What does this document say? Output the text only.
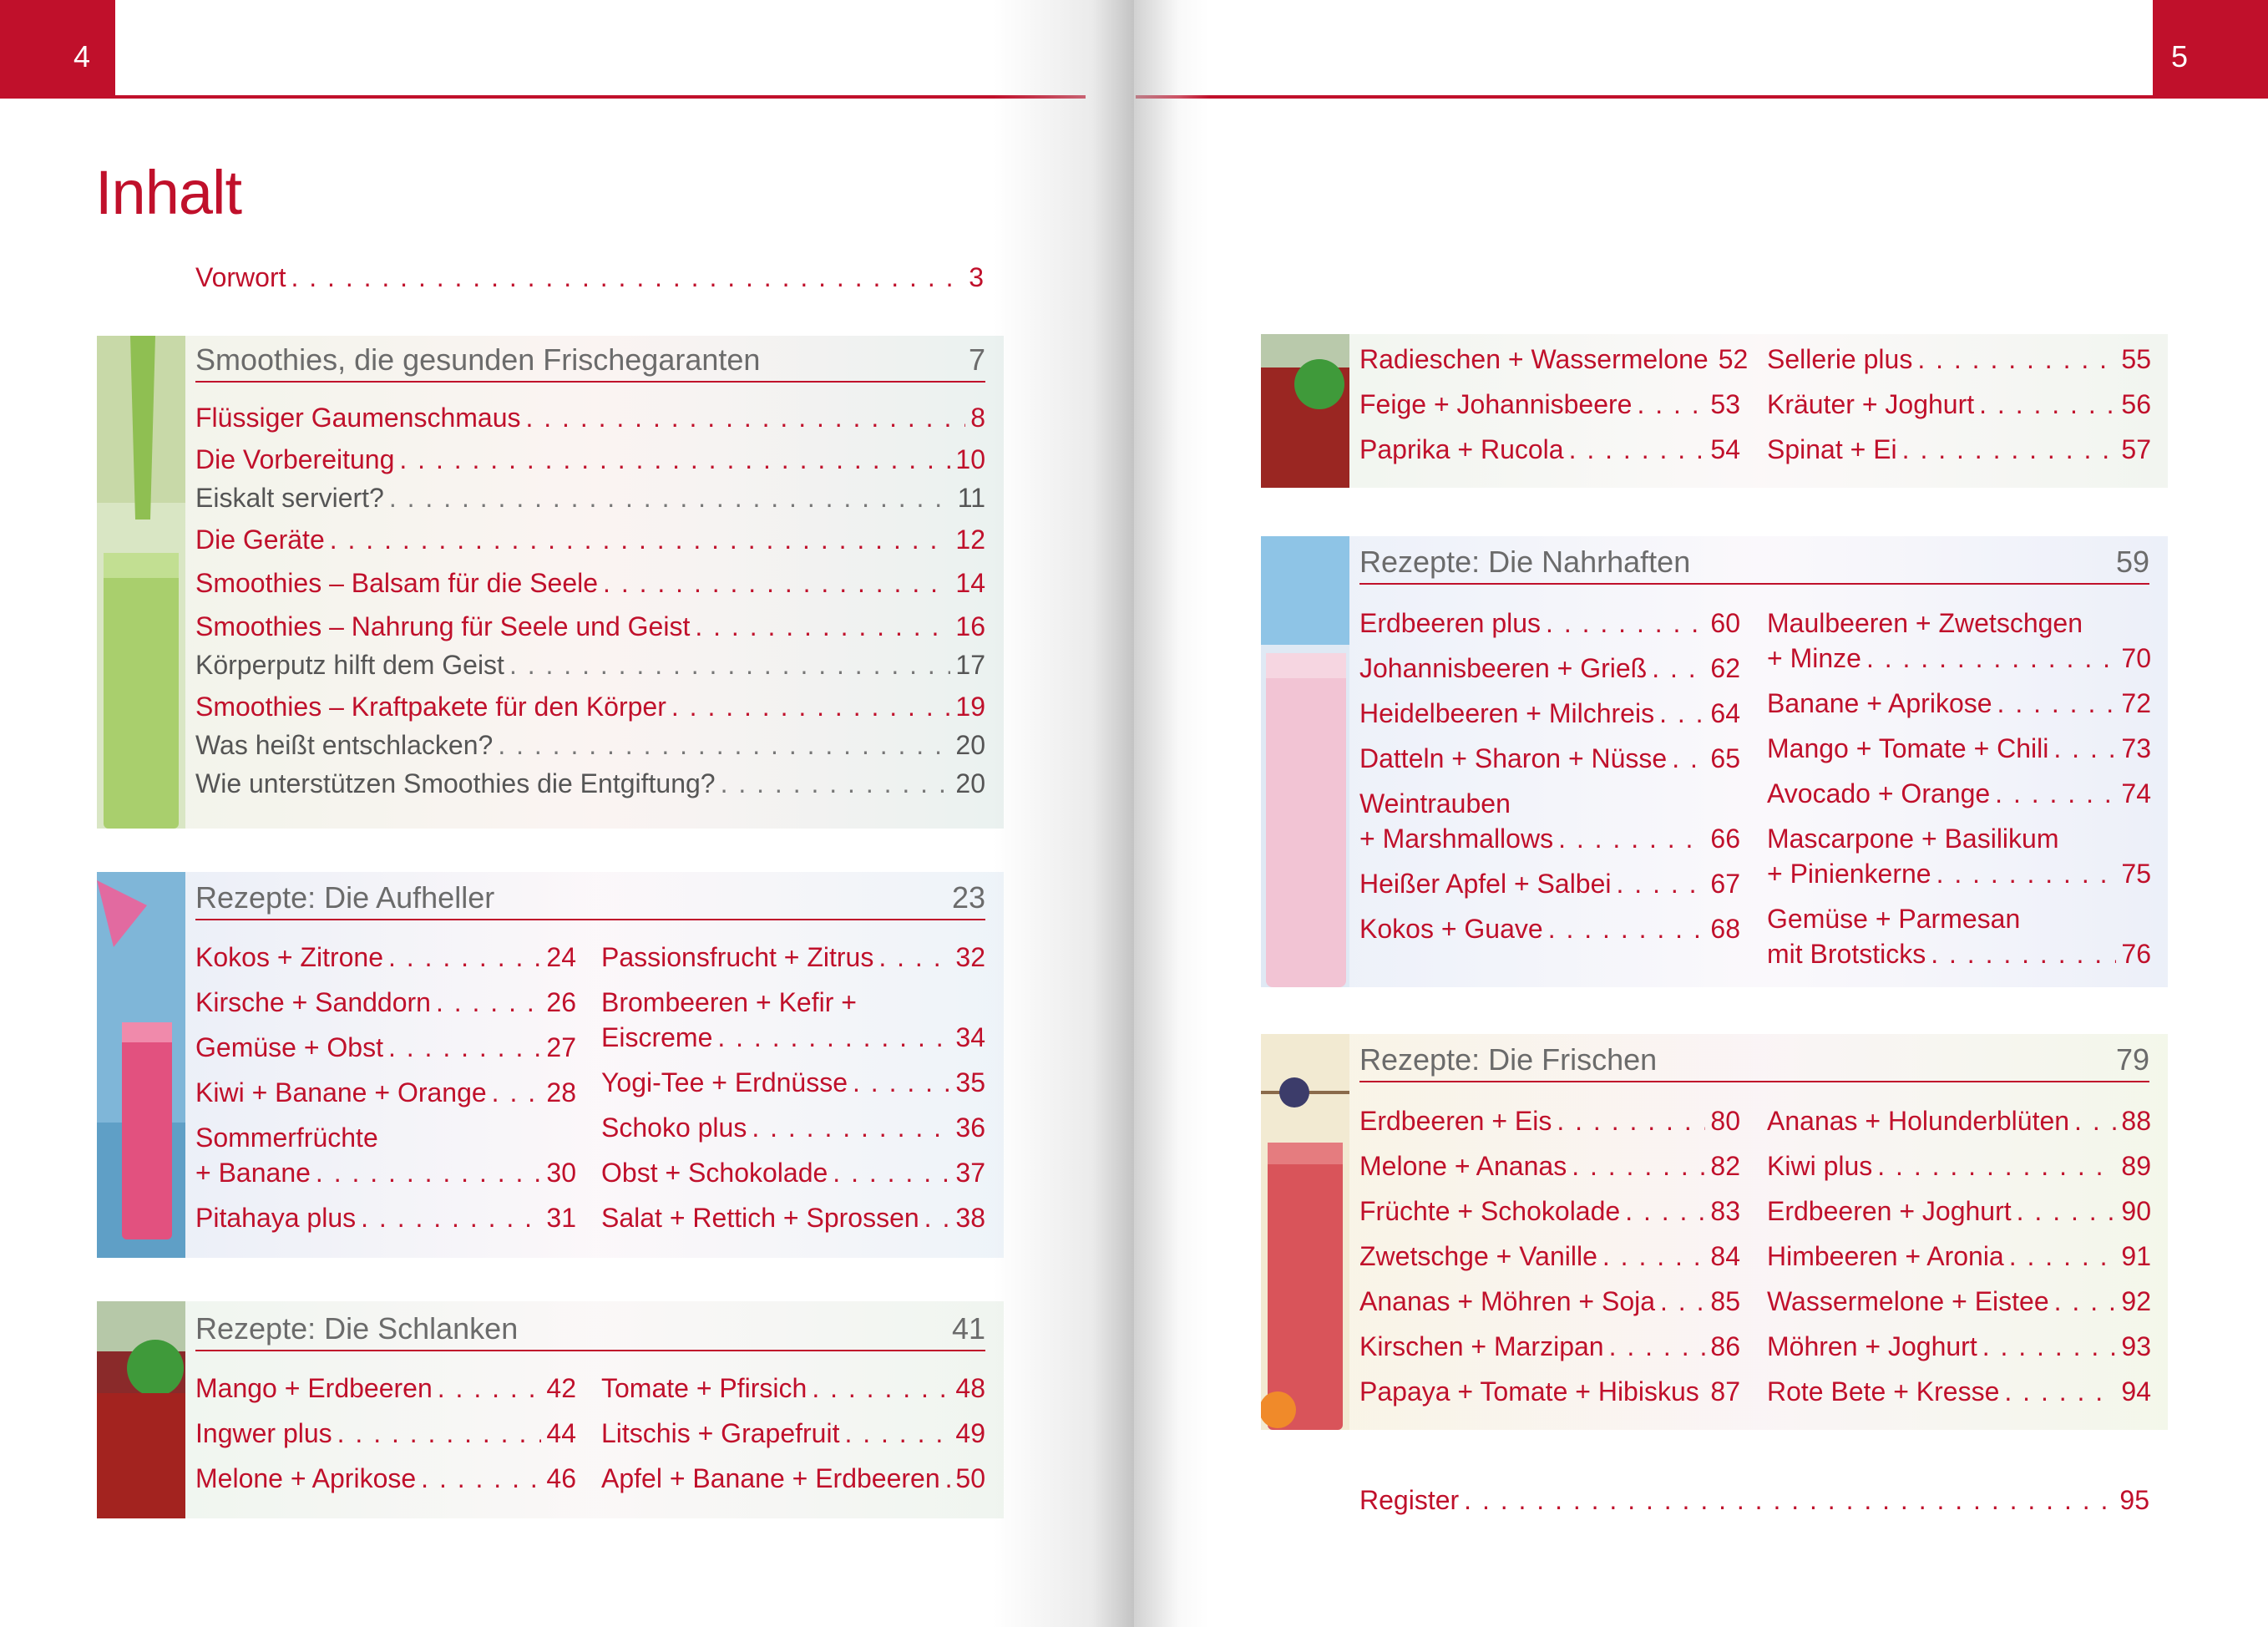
4	5
Inhalt
Vorwort . . .	3
Smoothies, die gesunden Frischegaranten	7
Flüssiger Gaumenschmaus . . .	8
Die Vorbereitung . . .	10
Eiskalt serviert? . . .	11
Die Geräte . . .	12
Smoothies – Balsam für die Seele . . .	14
Smoothies – Nahrung für Seele und Geist . . .	16
Körperputz hilft dem Geist . . .	17
Smoothies – Kraftpakete für den Körper . . .	19
Was heißt entschlacken? . . .	20
Wie unterstützen Smoothies die Entgiftung? . . .	20
Rezepte: Die Aufheller	23
Kokos + Zitrone . . .	24
Kirsche + Sanddorn . . .	26
Gemüse + Obst . . .	27
Kiwi + Banane + Orange . . . 28
Sommerfrüchte
+ Banane . . .	30
Pitahaya plus . . .	31
Passionsfrucht + Zitrus . . .	32
Brombeeren + Kefir +
Eiscreme . . .	34
Yogi-Tee + Erdnüsse . . .	35
Schoko plus . . .	36
Obst + Schokolade . . .	37
Salat + Rettich + Sprossen . . . 38
Rezepte: Die Schlanken	41
Mango + Erdbeeren . . .	42
Ingwer plus . . .	44
Melone + Aprikose . . .	46
Tomate + Pfirsich . . .	48
Litschis + Grapefruit . . .	49
Apfel + Banane + Erdbeeren . . . 50
Radieschen + Wassermelone 52
Feige + Johannisbeere . . .	53
Paprika + Rucola . . .	54
Sellerie plus . . .	55
Kräuter + Joghurt . . .	56
Spinat + Ei . . .	57
Rezepte: Die Nahrhaften	59
Erdbeeren plus . . .	60
Johannisbeeren + Grieß . . . 62
Heidelbeeren + Milchreis . . . 64
Datteln + Sharon + Nüsse . . . 65
Weintrauben
+ Marshmallows . . .	66
Heißer Apfel + Salbei . . .	67
Kokos + Guave . . .	68
Maulbeeren + Zwetschgen
+ Minze . . .	70
Banane + Aprikose . . .	72
Mango + Tomate + Chili . . .	73
Avocado + Orange . . .	74
Mascarpone + Basilikum
+ Pinienkerne . . .	75
Gemüse + Parmesan
mit Brotsticks . . .	76
Rezepte: Die Frischen	79
Erdbeeren + Eis . . .	80
Melone + Ananas . . .	82
Früchte + Schokolade . . .	83
Zwetschge + Vanille . . .	84
Ananas + Möhren + Soja . . . 85
Kirschen + Marzipan . . .	86
Papaya + Tomate + Hibiskus . . . 87
Ananas + Holunderblüten . . . 88
Kiwi plus . . .	89
Erdbeeren + Joghurt . . .	90
Himbeeren + Aronia . . .	91
Wassermelone + Eistee . . .	92
Möhren + Joghurt . . .	93
Rote Bete + Kresse . . .	94
Register . . .	95
